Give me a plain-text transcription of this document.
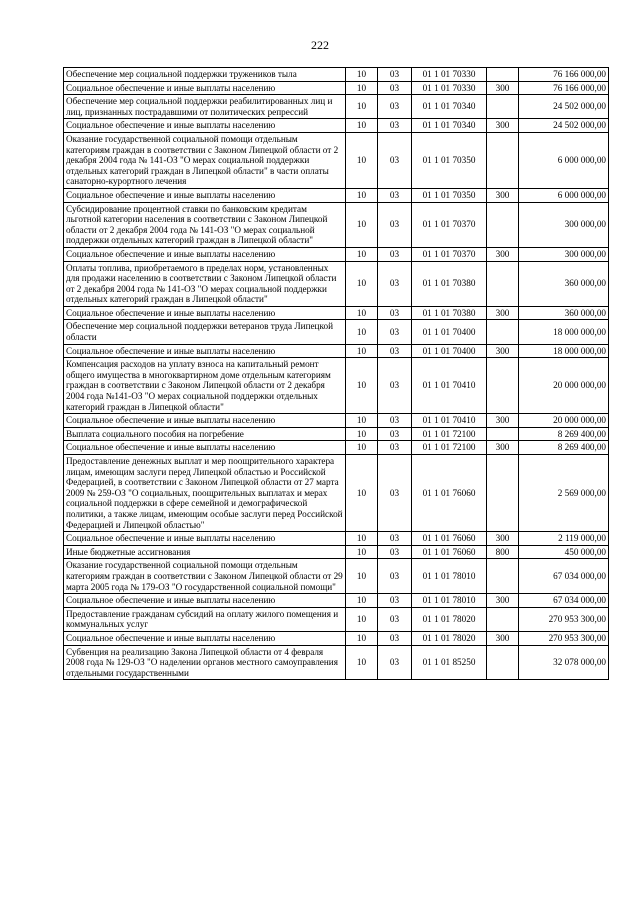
222
Обеспечение мер социальной поддержки тружеников тыла	10	03	01 1 01 70330		76 166 000,00
Социальное обеспечение и иные выплаты населению	10	03	01 1 01 70330	300	76 166 000,00
Обеспечение мер социальной поддержки реабилитированных лиц и лиц, признанных пострадавшими от политических репрессий	10	03	01 1 01 70340		24 502 000,00
Социальное обеспечение и иные выплаты населению	10	03	01 1 01 70340	300	24 502 000,00
Оказание государственной социальной помощи отдельным категориям граждан в соответствии с Законом Липецкой области от 2 декабря 2004 года № 141-ОЗ "О мерах социальной поддержки отдельных категорий граждан в Липецкой области" в части оплаты санаторно-курортного лечения	10	03	01 1 01 70350		6 000 000,00
Социальное обеспечение и иные выплаты населению	10	03	01 1 01 70350	300	6 000 000,00
Субсидирование процентной ставки по банковским кредитам льготной категории населения в соответствии с Законом Липецкой области от 2 декабря 2004 года № 141-ОЗ "О мерах социальной поддержки отдельных категорий граждан в Липецкой области"	10	03	01 1 01 70370		300 000,00
Социальное обеспечение и иные выплаты населению	10	03	01 1 01 70370	300	300 000,00
Оплаты топлива, приобретаемого в пределах норм, установленных для продажи населению в соответствии с Законом Липецкой области от 2 декабря 2004 года № 141-ОЗ "О мерах социальной поддержки отдельных категорий граждан в Липецкой области"	10	03	01 1 01 70380		360 000,00
Социальное обеспечение и иные выплаты населению	10	03	01 1 01 70380	300	360 000,00
Обеспечение мер социальной поддержки ветеранов труда Липецкой области	10	03	01 1 01 70400		18 000 000,00
Социальное обеспечение и иные выплаты населению	10	03	01 1 01 70400	300	18 000 000,00
Компенсация расходов на уплату взноса на капитальный ремонт общего имущества в многоквартирном доме отдельным категориям граждан в соответствии с Законом Липецкой области от 2 декабря 2004 года №141-ОЗ "О мерах социальной поддержки отдельных категорий граждан в Липецкой области"	10	03	01 1 01 70410		20 000 000,00
Социальное обеспечение и иные выплаты населению	10	03	01 1 01 70410	300	20 000 000,00
Выплата социального пособия на погребение	10	03	01 1 01 72100		8 269 400,00
Социальное обеспечение и иные выплаты населению	10	03	01 1 01 72100	300	8 269 400,00
Предоставление денежных выплат и мер поощрительного характера лицам, имеющим заслуги перед Липецкой областью и Российской Федерацией, в соответствии с Законом Липецкой области от 27 марта 2009 № 259-ОЗ "О социальных, поощрительных выплатах и мерах социальной поддержки в сфере семейной и демографической политики, а также лицам, имеющим особые заслуги перед Российской Федерацией и Липецкой областью"	10	03	01 1 01 76060		2 569 000,00
Социальное обеспечение и иные выплаты населению	10	03	01 1 01 76060	300	2 119 000,00
Иные бюджетные ассигнования	10	03	01 1 01 76060	800	450 000,00
Оказание государственной социальной помощи отдельным категориям граждан в соответствии с Законом Липецкой области от 29 марта 2005 года № 179-ОЗ "О государственной социальной помощи"	10	03	01 1 01 78010		67 034 000,00
Социальное обеспечение и иные выплаты населению	10	03	01 1 01 78010	300	67 034 000,00
Предоставление гражданам субсидий на оплату жилого помещения и коммунальных услуг	10	03	01 1 01 78020		270 953 300,00
Социальное обеспечение и иные выплаты населению	10	03	01 1 01 78020	300	270 953 300,00
Субвенция на реализацию Закона Липецкой области от 4 февраля 2008 года № 129-ОЗ "О наделении органов местного самоуправления отдельными государственными	10	03	01 1 01 85250		32 078 000,00
